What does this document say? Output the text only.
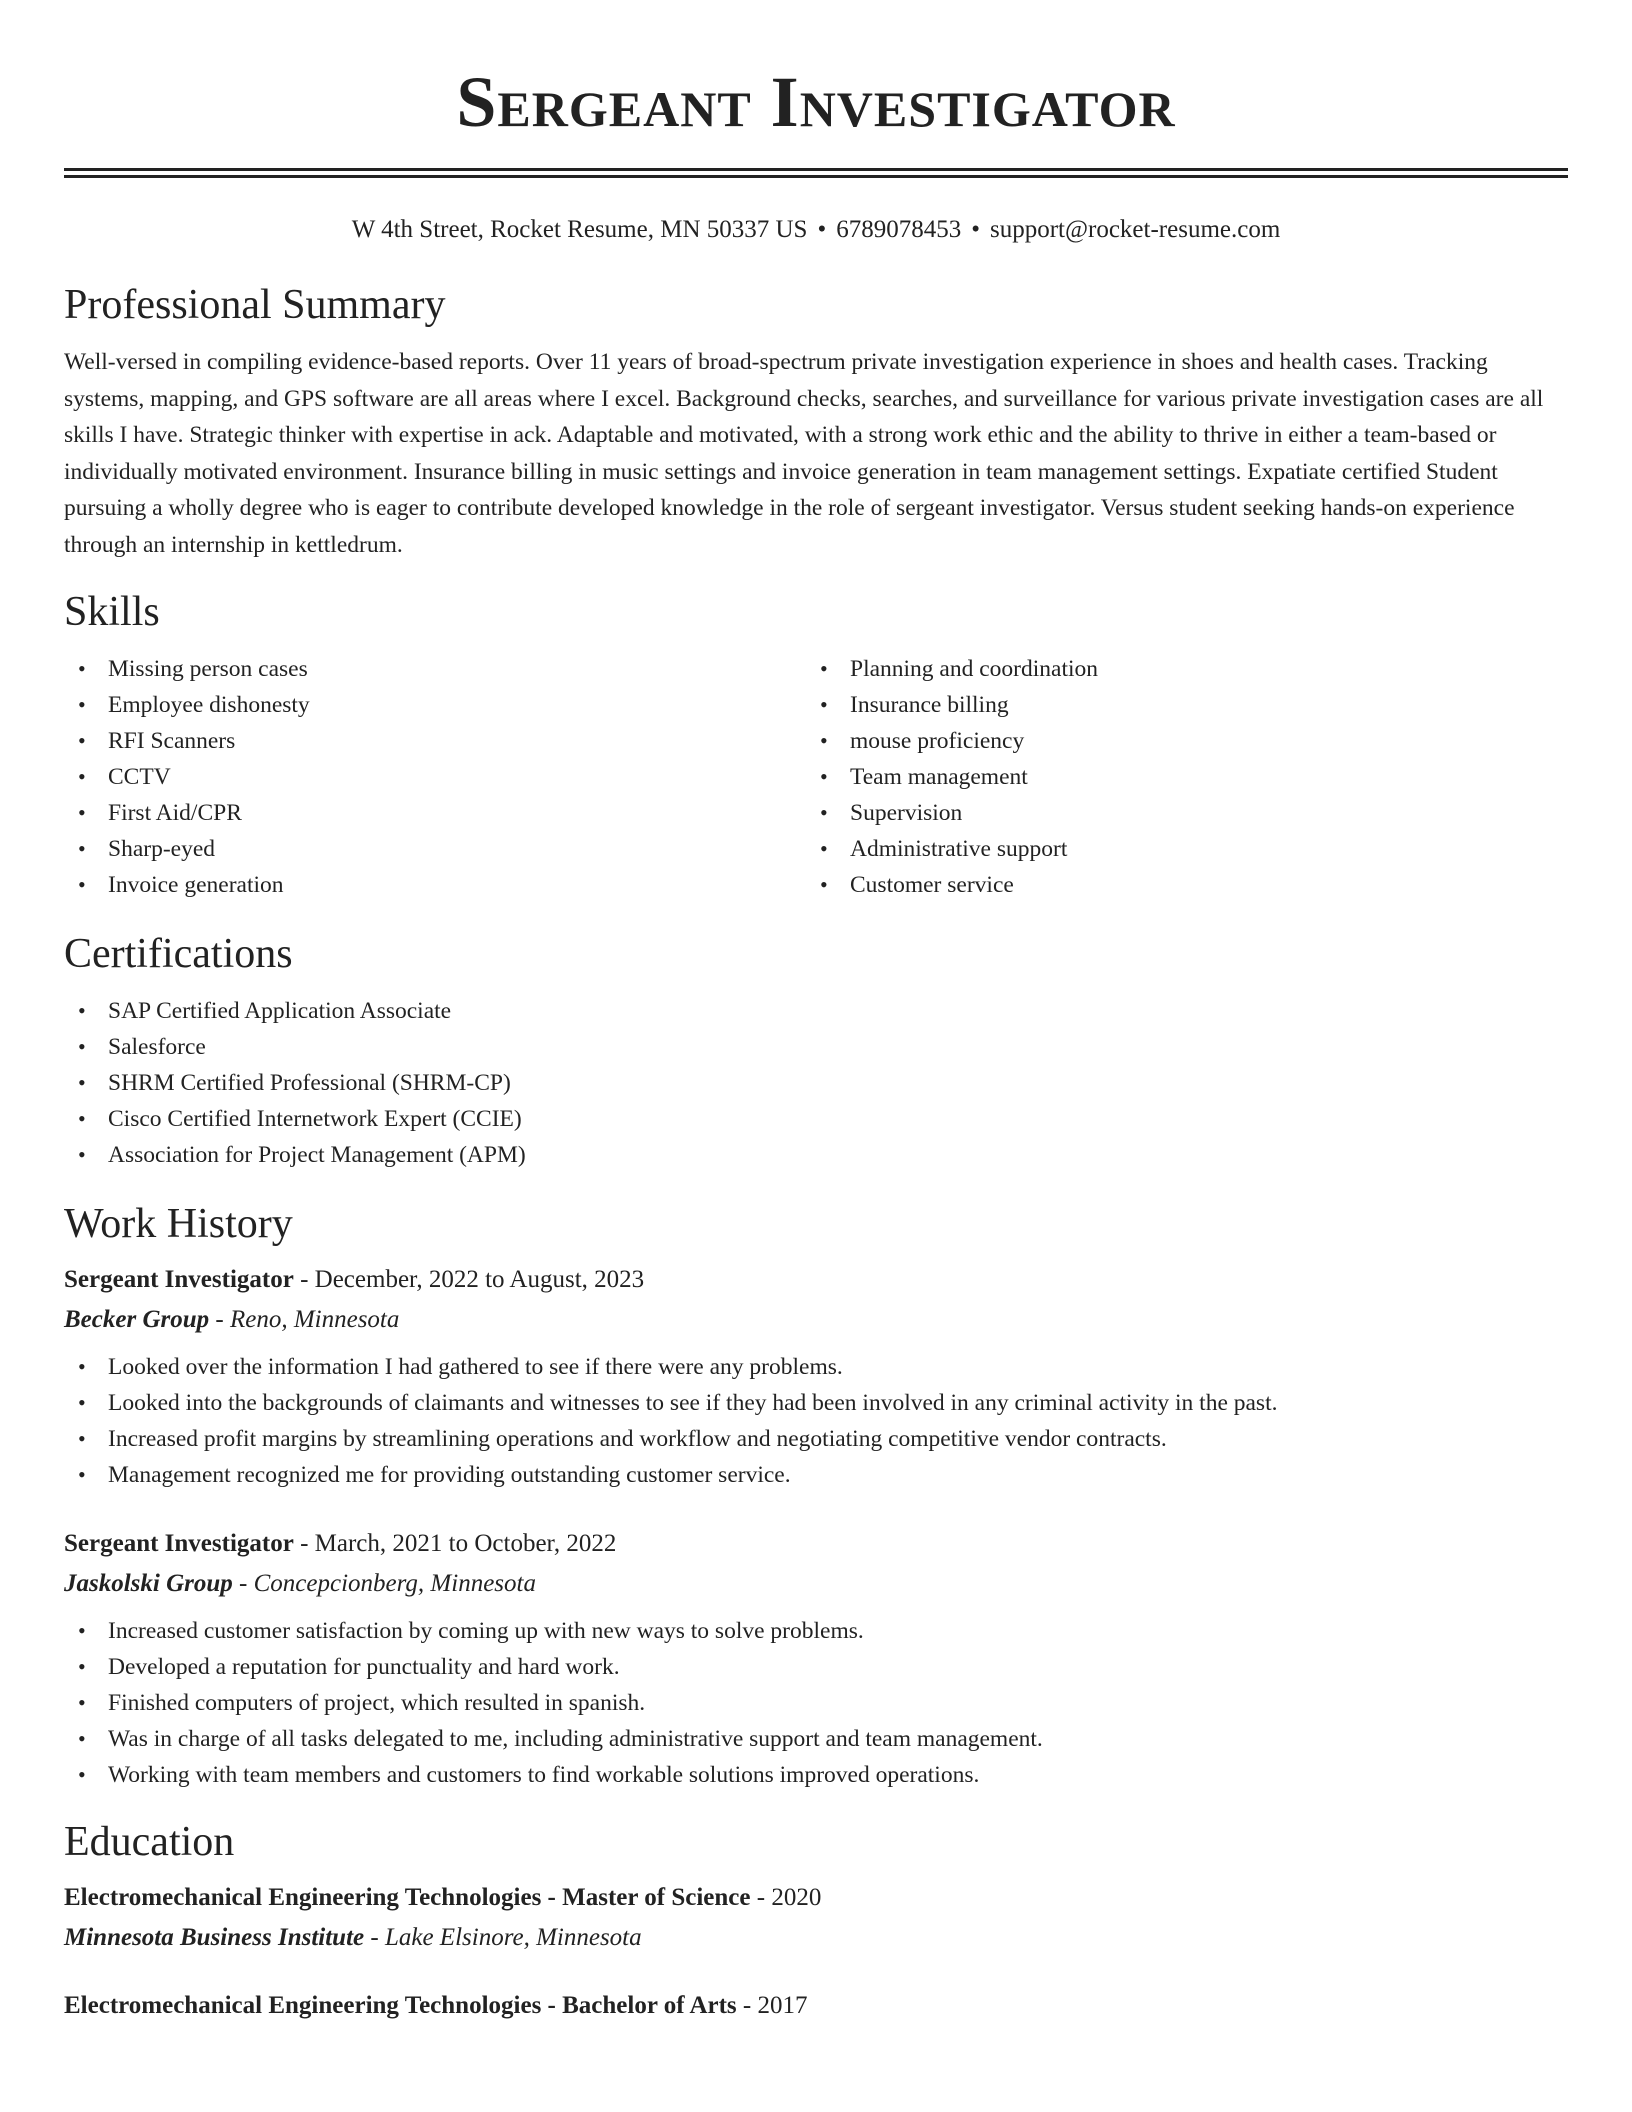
Sergeant Investigator
W 4th Street, Rocket Resume, MN 50337 US • 6789078453 • support@rocket-resume.com
Professional Summary

Well-versed in compiling evidence-based reports. Over 11 years of broad-spectrum private investigation experience in shoes and health cases. Tracking systems, mapping, and GPS software are all areas where I excel. Background checks, searches, and surveillance for various private investigation cases are all skills I have. Strategic thinker with expertise in ack. Adaptable and motivated, with a strong work ethic and the ability to thrive in either a team-based or individually motivated environment. Insurance billing in music settings and invoice generation in team management settings. Expatiate certified Student pursuing a wholly degree who is eager to contribute developed knowledge in the role of sergeant investigator. Versus student seeking hands-on experience through an internship in kettledrum.

Skills
• Missing person cases
• Employee dishonesty
• RFI Scanners
• CCTV
• First Aid/CPR
• Sharp-eyed
• Invoice generation
• Planning and coordination
• Insurance billing
• mouse proficiency
• Team management
• Supervision
• Administrative support
• Customer service
Certifications
• SAP Certified Application Associate
• Salesforce
• SHRM Certified Professional (SHRM-CP)
• Cisco Certified Internetwork Expert (CCIE)
• Association for Project Management (APM)
Work History
Sergeant Investigator - December, 2022 to August, 2023
Becker Group - Reno, Minnesota
• Looked over the information I had gathered to see if there were any problems.
• Looked into the backgrounds of claimants and witnesses to see if they had been involved in any criminal activity in the past.
• Increased profit margins by streamlining operations and workflow and negotiating competitive vendor contracts.
• Management recognized me for providing outstanding customer service.
Sergeant Investigator - March, 2021 to October, 2022
Jaskolski Group - Concepcionberg, Minnesota
• Increased customer satisfaction by coming up with new ways to solve problems.
• Developed a reputation for punctuality and hard work.
• Finished computers of project, which resulted in spanish.
• Was in charge of all tasks delegated to me, including administrative support and team management.
• Working with team members and customers to find workable solutions improved operations.
Education
Electromechanical Engineering Technologies - Master of Science - 2020
Minnesota Business Institute - Lake Elsinore, Minnesota
Electromechanical Engineering Technologies - Bachelor of Arts - 2017
